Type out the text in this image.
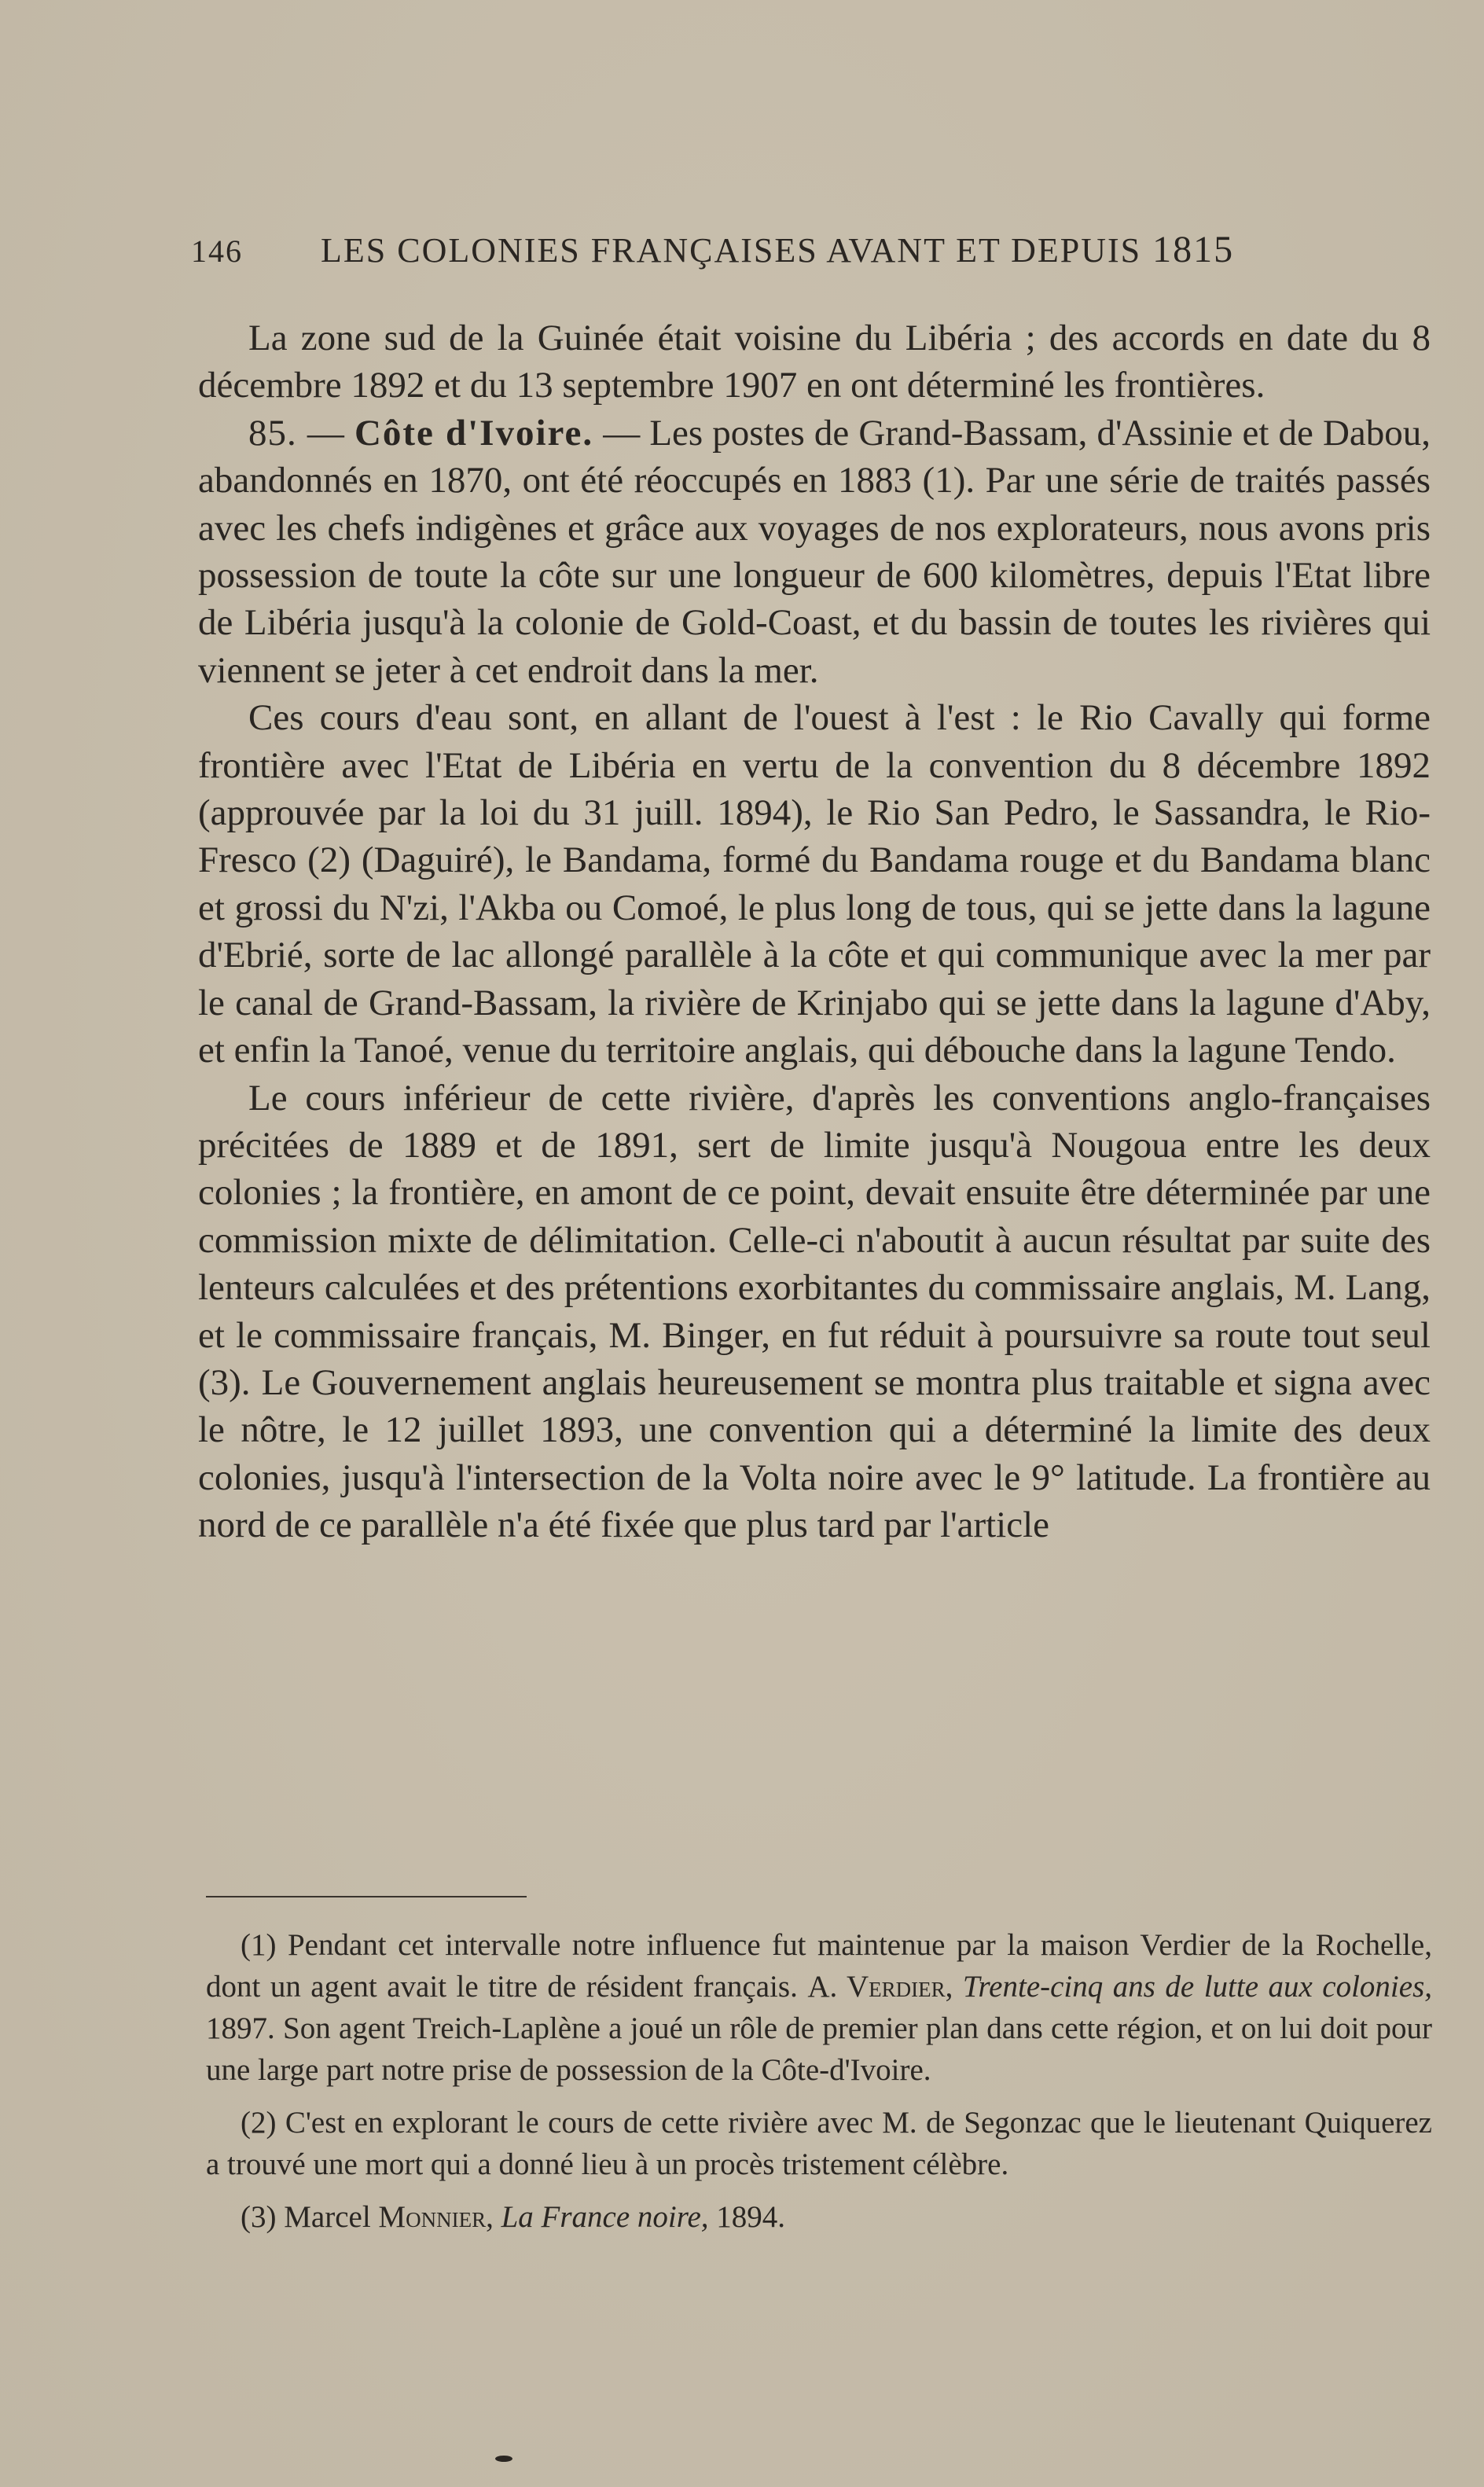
146 LES COLONIES FRANÇAISES AVANT ET DEPUIS 1815

La zone sud de la Guinée était voisine du Libéria ; des accords en date du 8 décembre 1892 et du 13 septembre 1907 en ont déterminé les frontières.

85. — Côte d'Ivoire. — Les postes de Grand-Bassam, d'Assinie et de Dabou, abandonnés en 1870, ont été réoccupés en 1883 (1). Par une série de traités passés avec les chefs indigènes et grâce aux voyages de nos explorateurs, nous avons pris possession de toute la côte sur une longueur de 600 kilomètres, depuis l'Etat libre de Libéria jusqu'à la colonie de Gold-Coast, et du bassin de toutes les rivières qui viennent se jeter à cet endroit dans la mer.

Ces cours d'eau sont, en allant de l'ouest à l'est : le Rio Cavally qui forme frontière avec l'Etat de Libéria en vertu de la convention du 8 décembre 1892 (approuvée par la loi du 31 juill. 1894), le Rio San Pedro, le Sassandra, le Rio-Fresco (2) (Daguiré), le Bandama, formé du Bandama rouge et du Bandama blanc et grossi du N'zi, l'Akba ou Comoé, le plus long de tous, qui se jette dans la lagune d'Ebrié, sorte de lac allongé parallèle à la côte et qui communique avec la mer par le canal de Grand-Bassam, la rivière de Krinjabo qui se jette dans la lagune d'Aby, et enfin la Tanoé, venue du territoire anglais, qui débouche dans la lagune Tendo.

Le cours inférieur de cette rivière, d'après les conventions anglo-françaises précitées de 1889 et de 1891, sert de limite jusqu'à Nougoua entre les deux colonies ; la frontière, en amont de ce point, devait ensuite être déterminée par une commission mixte de délimitation. Celle-ci n'aboutit à aucun résultat par suite des lenteurs calculées et des prétentions exorbitantes du commissaire anglais, M. Lang, et le commissaire français, M. Binger, en fut réduit à poursuivre sa route tout seul (3). Le Gouvernement anglais heureusement se montra plus traitable et signa avec le nôtre, le 12 juillet 1893, une convention qui a déterminé la limite des deux colonies, jusqu'à l'intersection de la Volta noire avec le 9° latitude. La frontière au nord de ce parallèle n'a été fixée que plus tard par l'article

(1) Pendant cet intervalle notre influence fut maintenue par la maison Verdier de la Rochelle, dont un agent avait le titre de résident français. A. Verdier, Trente-cinq ans de lutte aux colonies, 1897. Son agent Treich-Laplène a joué un rôle de premier plan dans cette région, et on lui doit pour une large part notre prise de possession de la Côte-d'Ivoire.

(2) C'est en explorant le cours de cette rivière avec M. de Segonzac que le lieutenant Quiquerez a trouvé une mort qui a donné lieu à un procès tristement célèbre.

(3) Marcel Monnier, La France noire, 1894.
